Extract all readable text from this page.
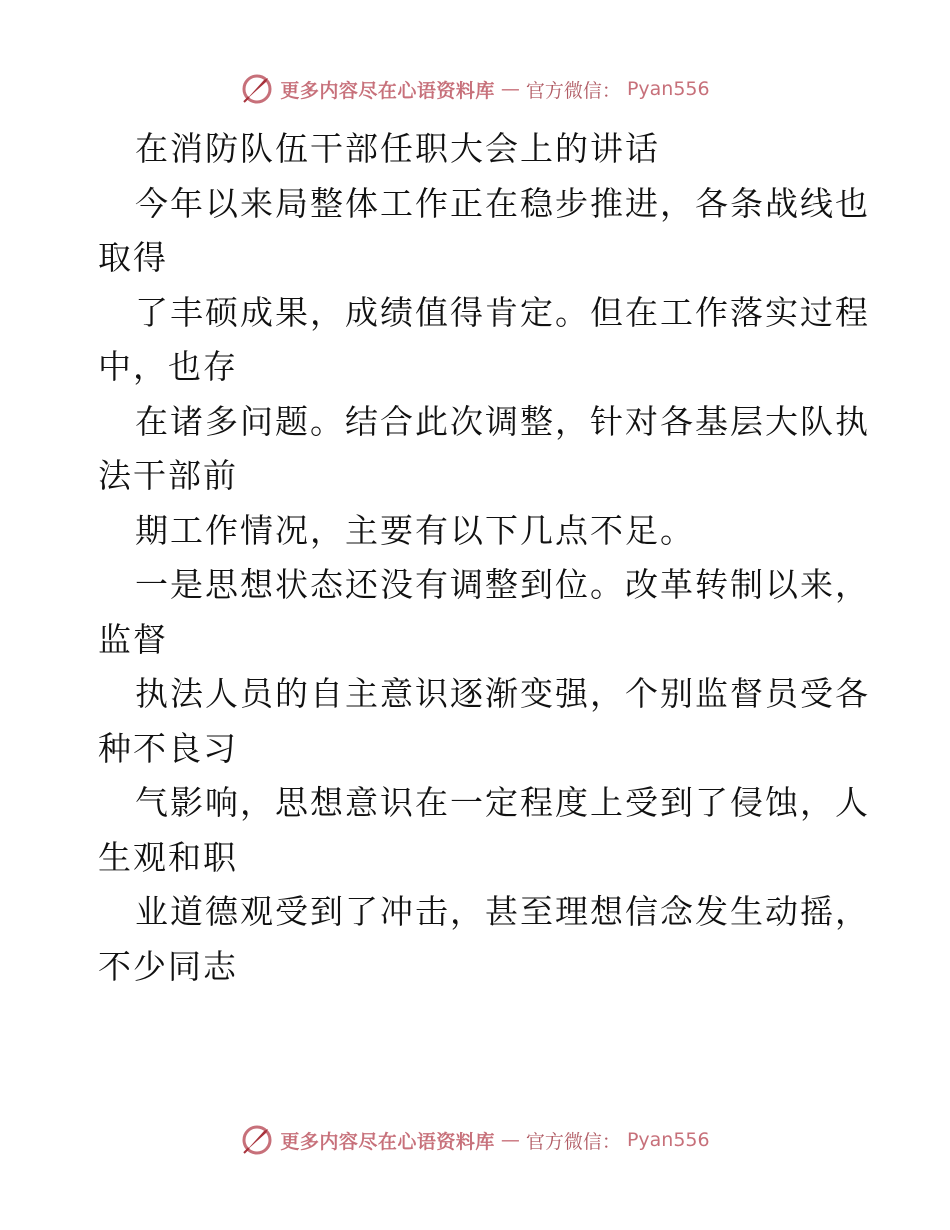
更多内容尽在心语资料库 — 官方微信： Pyan556
在消防队伍干部任职大会上的讲话
今年以来局整体工作正在稳步推进，各条战线也
取得
了丰硕成果，成绩值得肯定。但在工作落实过程
中，也存
在诸多问题。结合此次调整，针对各基层大队执
法干部前
期工作情况，主要有以下几点不足。
一是思想状态还没有调整到位。改革转制以来，
监督
执法人员的自主意识逐渐变强，个别监督员受各
种不良习
气影响，思想意识在一定程度上受到了侵蚀，人
生观和职
业道德观受到了冲击，甚至理想信念发生动摇，
不少同志
更多内容尽在心语资料库 — 官方微信： Pyan556
